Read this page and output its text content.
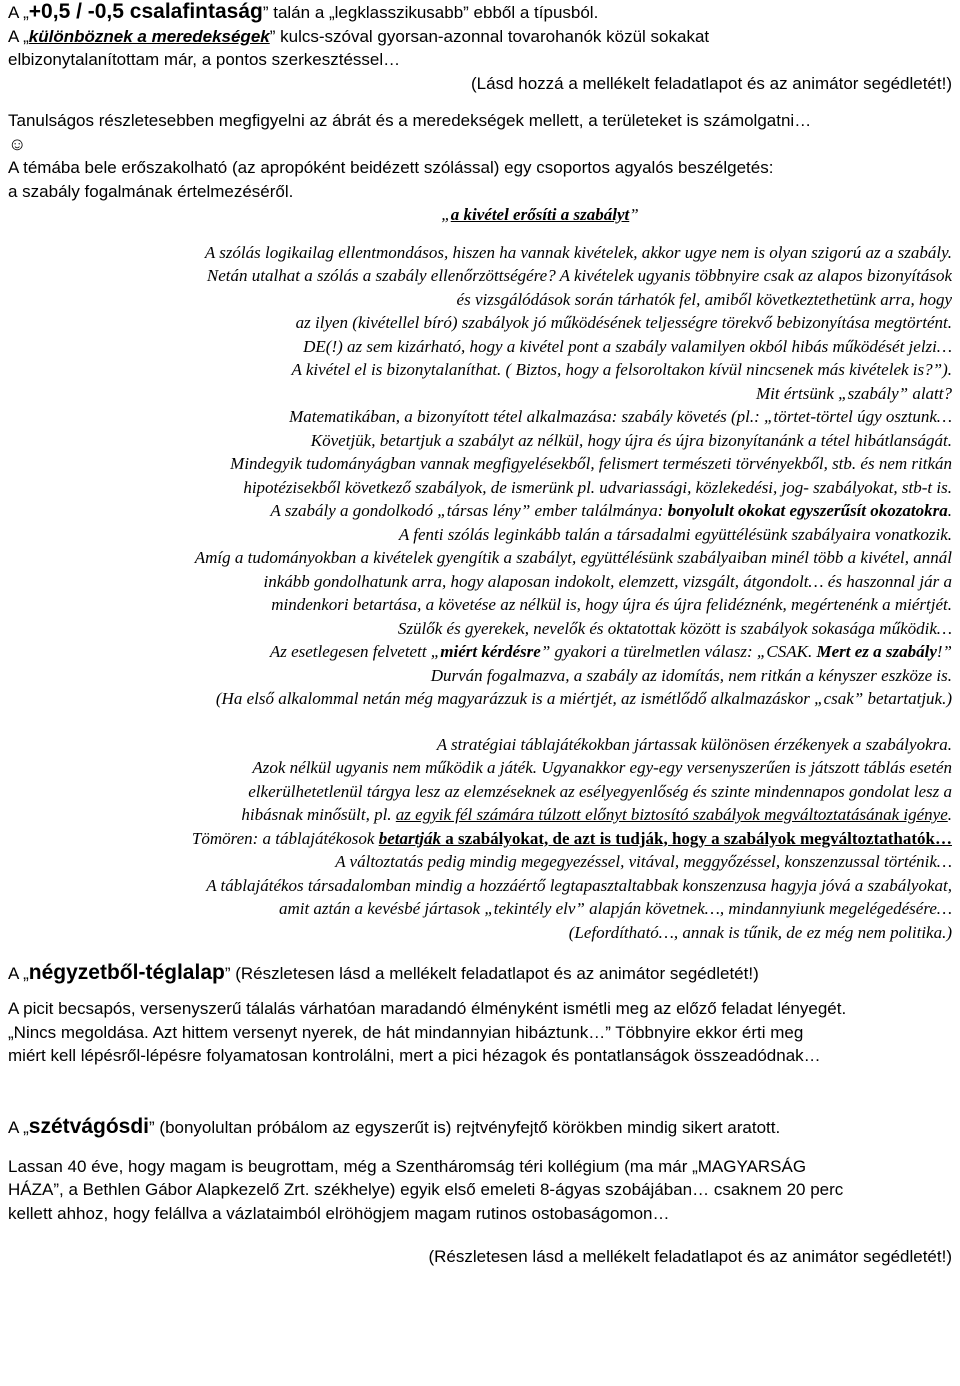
A „+0,5 / -0,5 csalafintaság” talán a „legklasszikusabb” ebből a típusból.
A „különböznek a meredekségek” kulcs-szóval gyorsan-azonnal tovarohanók közül sokakat
elbizonytalanítottam már, a pontos szerkesztéssel…
(Lásd hozzá a mellékelt feladatlapot és az animátor segédletét!)
Tanulságos részletesebben megfigyelni az ábrát és a meredekségek mellett, a területeket is számolgatni…
☺
A témába bele erőszakolható (az apropóként beidézett szólással) egy csoportos agyalós beszélgetés:
a szabály fogalmának értelmezéséről.
„a kivétel erősíti a szabályt”
A szólás logikailag ellentmondásos, hiszen ha vannak kivételek, akkor ugye nem is olyan szigorú az a szabály.
Netán utalhat a szólás a szabály ellenőrzöttségére? A kivételek ugyanis többnyire csak az alapos bizonyítások
és vizsgálódások során tárhatók fel, amiből következtethetünk arra, hogy
az ilyen (kivétellel bíró) szabályok jó működésének teljességre törekvő bebizonyítása megtörtént.
DE(!) az sem kizárható, hogy a kivétel pont a szabály valamilyen okból hibás működését jelzi…
A kivétel el is bizonytalaníthat. ( Biztos, hogy a felsoroltakon kívül nincsenek más kivételek is?”).
Mit értsünk „szabály” alatt?
Matematikában, a bizonyított tétel alkalmazása: szabály követés (pl.: „törtet-törtel úgy osztunk…
Követjük, betartjuk a szabályt az nélkül, hogy újra és újra bizonyítanánk a tétel hibátlanságát.
Mindegyik tudományágban vannak megfigyelésekből, felismert természeti törvényekből, stb. és nem ritkán
hipotézisekből következő szabályok, de ismerünk pl. udvariassági, közlekedési, jog- szabályokat, stb-t is.
A szabály a gondolkodó „társas lény” ember találmánya: bonyolult okokat egyszerűsít okozatokra.
A fenti szólás leginkább talán a társadalmi együttélésünk szabályaira vonatkozik.
Amíg a tudományokban a kivételek gyengítik a szabályt, együttélésünk szabályaiban minél több a kivétel, annál
inkább gondolhatunk arra, hogy alaposan indokolt, elemzett, vizsgált, átgondolt… és haszonnal jár a
mindenkori betartása, a követése az nélkül is, hogy újra és újra felidéznénk, megértenénk a miértjét.
Szülők és gyerekek, nevelők és oktatottak között is szabályok sokasága működik…
Az esetlegesen felvetett „miért kérdésre” gyakori a türelmetlen válasz: „CSAK. Mert ez a szabály!”
Durván fogalmazva, a szabály az idomítás, nem ritkán a kényszer eszköze is.
(Ha első alkalommal netán még magyarázzuk is a miértjét, az ismétlődő alkalmazáskor „csak” betartatjuk.)
A stratégiai táblajátékokban jártassak különösen érzékenyek a szabályokra.
Azok nélkül ugyanis nem működik a játék. Ugyanakkor egy-egy versenyszerűen is játszott táblás esetén
elkerülhetetlenül tárgya lesz az elemzéseknek az esélyegyenlőség és szinte mindennapos gondolat lesz a
hibásnak minősült, pl. az egyik fél számára túlzott előnyt biztosító szabályok megváltoztatásának igénye.
Tömören: a táblajátékosok betartják a szabályokat, de azt is tudják, hogy a szabályok megváltoztathatók…
A változtatás pedig mindig megegyezéssel, vitával, meggyőzéssel, konszenzussal történik…
A táblajátékos társadalomban mindig a hozzáértő legtapasztaltabbak konszenzusa hagyja jóvá a szabályokat,
amit aztán a kevésbé jártasok „tekintély elv” alapján követnek…, mindannyiunk megelégedésére…
(Lefordítható…, annak is tűnik, de ez még nem politika.)
A „négyzetből-téglalap” (Részletesen lásd a mellékelt feladatlapot és az animátor segédletét!)
A picit becsapós, versenyszerű tálalás várhatóan maradandó élményként ismétli meg az előző feladat lényegét.
„Nincs megoldása. Azt hittem versenyt nyerek, de hát mindannyian hibáztunk…” Többnyire ekkor érti meg
miért kell lépésről-lépésre folyamatosan kontrolálni, mert a pici hézagok és pontatlanságok összeadódnak…
A „szétvágósdi” (bonyolultan próbálom az egyszerűt is) rejtvényfejtő körökben mindig sikert aratott.
Lassan 40 éve, hogy magam is beugrottam, még a Szentháromság téri kollégium (ma már „MAGYARSÁG
HÁZA”, a Bethlen Gábor Alapkezelő Zrt. székhelye) egyik első emeleti 8-ágyas szobájában… csaknem 20 perc
kellett ahhoz, hogy felállva a vázlataimból elröhögjem magam rutinos ostobaságomon…
(Részletesen lásd a mellékelt feladatlapot és az animátor segédletét!)
